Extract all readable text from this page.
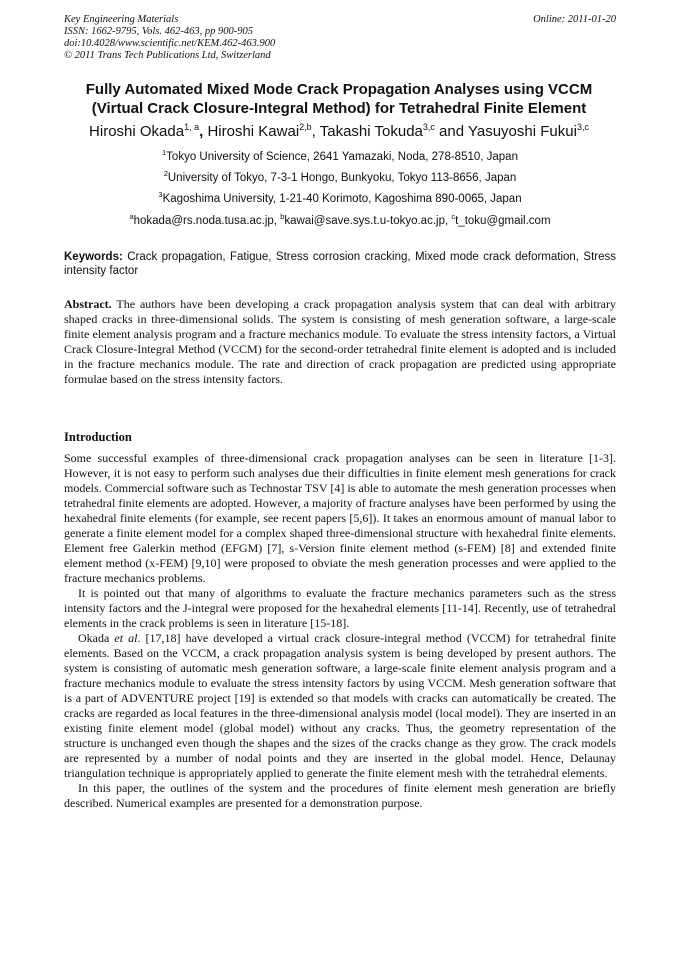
Key Engineering Materials
ISSN: 1662-9795, Vols. 462-463, pp 900-905
doi:10.4028/www.scientific.net/KEM.462-463.900
© 2011 Trans Tech Publications Ltd, Switzerland
Online: 2011-01-20
Fully Automated Mixed Mode Crack Propagation Analyses using VCCM
(Virtual Crack Closure-Integral Method) for Tetrahedral Finite Element
Hiroshi Okada$^{1, a}$, Hiroshi Kawai$^{2,b}$, Takashi Tokuda$^{3,c}$ and Yasuyoshi Fukui$^{3,c}$
$^1$Tokyo University of Science, 2641 Yamazaki, Noda, 278-8510, Japan
$^2$University of Tokyo, 7-3-1 Hongo, Bunkyoku, Tokyo 113-8656, Japan
$^3$Kagoshima University, 1-21-40 Korimoto, Kagoshima 890-0065, Japan
$^a$hokada@rs.noda.tusa.ac.jp, $^b$kawai@save.sys.t.u-tokyo.ac.jp, $^c$t_toku@gmail.com
Keywords: Crack propagation, Fatigue, Stress corrosion cracking, Mixed mode crack deformation, Stress intensity factor
Abstract. The authors have been developing a crack propagation analysis system that can deal with arbitrary shaped cracks in three-dimensional solids. The system is consisting of mesh generation software, a large-scale finite element analysis program and a fracture mechanics module. To evaluate the stress intensity factors, a Virtual Crack Closure-Integral Method (VCCM) for the second-order tetrahedral finite element is adopted and is included in the fracture mechanics module. The rate and direction of crack propagation are predicted using appropriate formulae based on the stress intensity factors.
Introduction

Some successful examples of three-dimensional crack propagation analyses can be seen in literature [1-3]. However, it is not easy to perform such analyses due their difficulties in finite element mesh generations for crack models. Commercial software such as Technostar TSV [4] is able to automate the mesh generation processes when tetrahedral finite elements are adopted. However, a majority of fracture analyses have been performed by using the hexahedral finite elements (for example, see recent papers [5,6]). It takes an enormous amount of manual labor to generate a finite element model for a complex shaped three-dimensional structure with hexahedral finite elements. Element free Galerkin method (EFGM) [7], s-Version finite element method (s-FEM) [8] and extended finite element method (x-FEM) [9,10] were proposed to obviate the mesh generation processes and were applied to the fracture mechanics problems.

It is pointed out that many of algorithms to evaluate the fracture mechanics parameters such as the stress intensity factors and the J-integral were proposed for the hexahedral elements [11-14]. Recently, use of tetrahedral elements in the crack problems is seen in literature [15-18].

Okada et al. [17,18] have developed a virtual crack closure-integral method (VCCM) for tetrahedral finite elements. Based on the VCCM, a crack propagation analysis system is being developed by present authors. The system is consisting of automatic mesh generation software, a large-scale finite element analysis program and a fracture mechanics module to evaluate the stress intensity factors by using VCCM. Mesh generation software that is a part of ADVENTURE project [19] is extended so that models with cracks can automatically be created. The cracks are regarded as local features in the three-dimensional analysis model (local model). They are inserted in an existing finite element model (global model) without any cracks. Thus, the geometry representation of the structure is unchanged even though the shapes and the sizes of the cracks change as they grow. The crack models are represented by a number of nodal points and they are inserted in the global model. Hence, Delaunay triangulation technique is appropriately applied to generate the finite element mesh with the tetrahedral elements.

In this paper, the outlines of the system and the procedures of finite element mesh generation are briefly described. Numerical examples are presented for a demonstration purpose.
